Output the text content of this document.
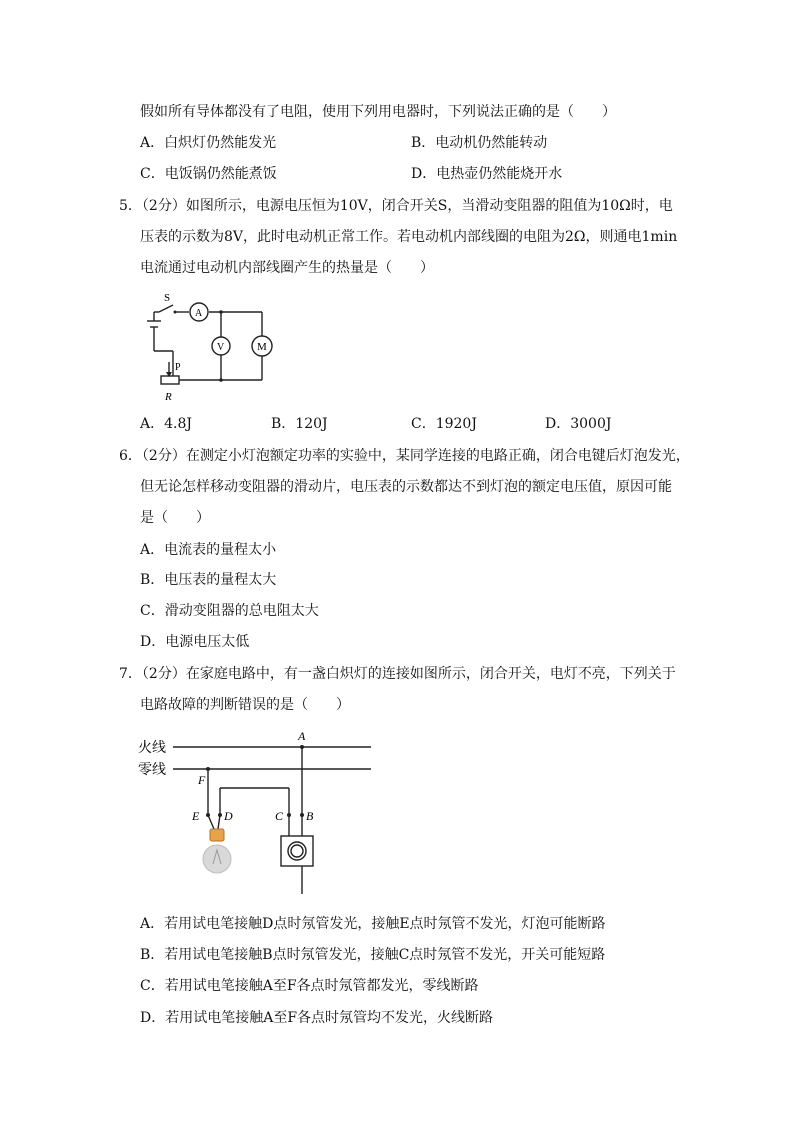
假如所有导体都没有了电阻，使用下列用电器时，下列说法正确的是（　　）
A．白炽灯仍然能发光	B．电动机仍然能转动
C．电饭锅仍然能煮饭	D．电热壶仍然能烧开水
5．（2分）如图所示，电源电压恒为10V，闭合开关S，当滑动变阻器的阻值为10Ω时，电
压表的示数为8V，此时电动机正常工作。若电动机内部线圈的电阻为2Ω，则通电1min
电流通过电动机内部线圈产生的热量是（　　）
S
A
V	M
P
R
A．4.8J	B．120J	C．1920J	D．3000J
6．（2分）在测定小灯泡额定功率的实验中，某同学连接的电路正确，闭合电键后灯泡发光，
但无论怎样移动变阻器的滑动片，电压表的示数都达不到灯泡的额定电压值，原因可能
是（　　）
A．电流表的量程太小
B．电压表的量程太大
C．滑动变阻器的总电阻太大
D．电源电压太低
7．（2分）在家庭电路中，有一盏白炽灯的连接如图所示，闭合开关，电灯不亮，下列关于
电路故障的判断错误的是（　　）
火线
零线
A
F
E D	C B
A．若用试电笔接触D点时氖管发光，接触E点时氖管不发光，灯泡可能断路
B．若用试电笔接触B点时氖管发光，接触C点时氖管不发光，开关可能短路
C．若用试电笔接触A至F各点时氖管都发光，零线断路
D．若用试电笔接触A至F各点时氖管均不发光，火线断路
